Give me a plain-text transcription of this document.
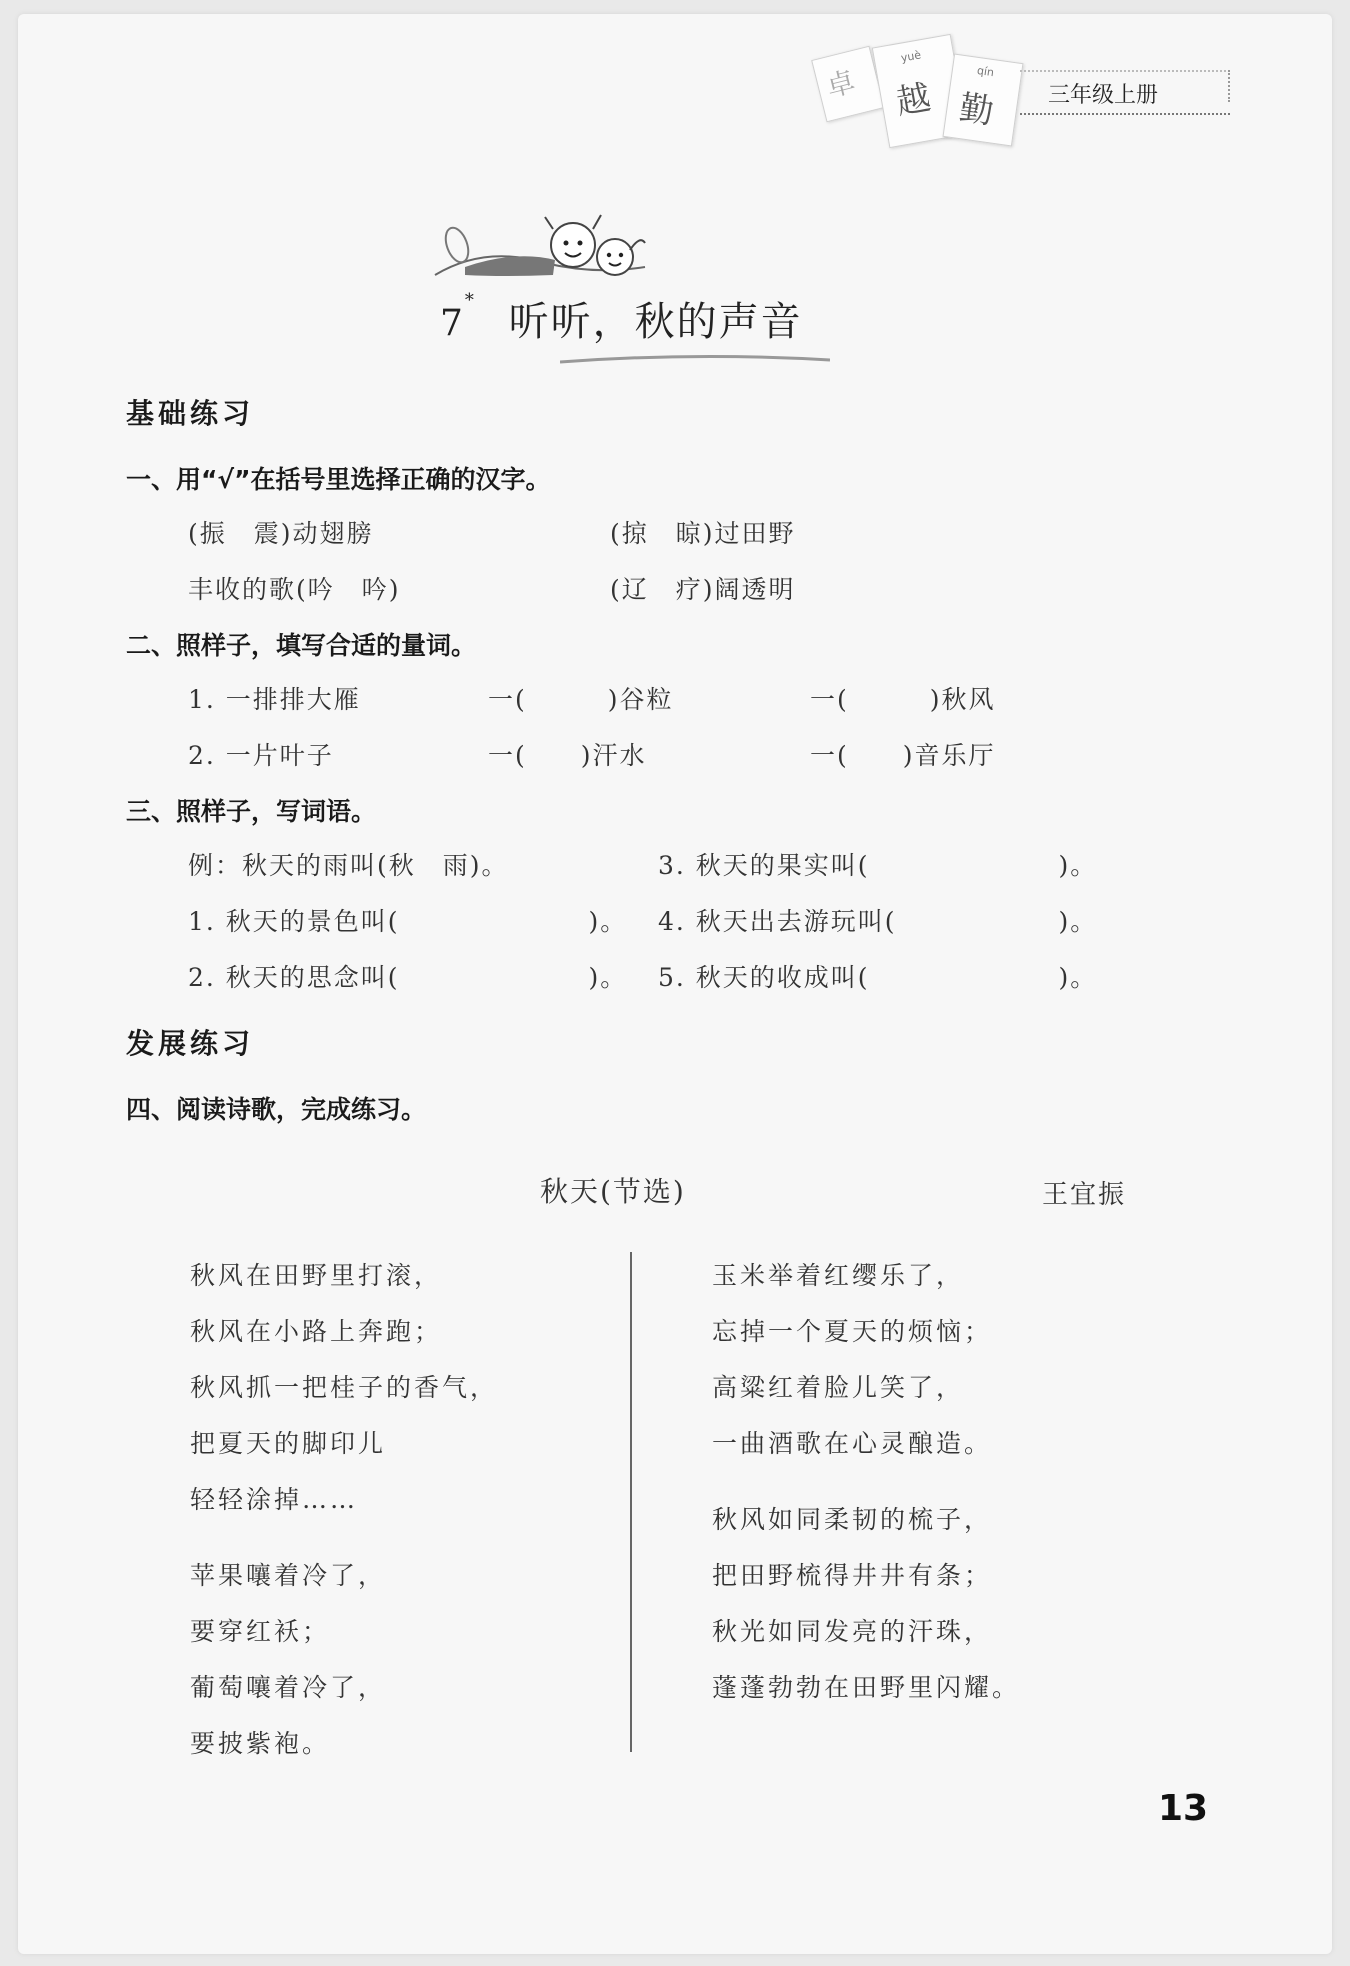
卓
yuè
越
qín
勤	三年级上册
7* 听听，秋的声音
基础练习
一、用“√”在括号里选择正确的汉字。
(振　震)动翅膀	(掠　晾)过田野
丰收的歌(吟　吟)	(辽　疗)阔透明
二、照样子，填写合适的量词。
1. 一排排大雁	一(　　　)谷粒	一(　　　)秋风
2. 一片叶子	一(　　)汗水	一(　　)音乐厅
三、照样子，写词语。
例：秋天的雨叫(秋　雨)。	3. 秋天的果实叫(　　　　　　　)。
1. 秋天的景色叫(　　　　　　　)。 4. 秋天出去游玩叫(　　　　　　)。
2. 秋天的思念叫(　　　　　　　)。 5. 秋天的收成叫(　　　　　　　)。
发展练习
四、阅读诗歌，完成练习。
秋天(节选)	王宜振
秋风在田野里打滚，
秋风在小路上奔跑；
秋风抓一把桂子的香气，
把夏天的脚印儿
轻轻涂掉……
苹果嚷着冷了，
要穿红袄；
葡萄嚷着冷了，
要披紫袍。
玉米举着红缨乐了，
忘掉一个夏天的烦恼；
高粱红着脸儿笑了，
一曲酒歌在心灵酿造。
秋风如同柔韧的梳子，
把田野梳得井井有条；
秋光如同发亮的汗珠，
蓬蓬勃勃在田野里闪耀。
13
